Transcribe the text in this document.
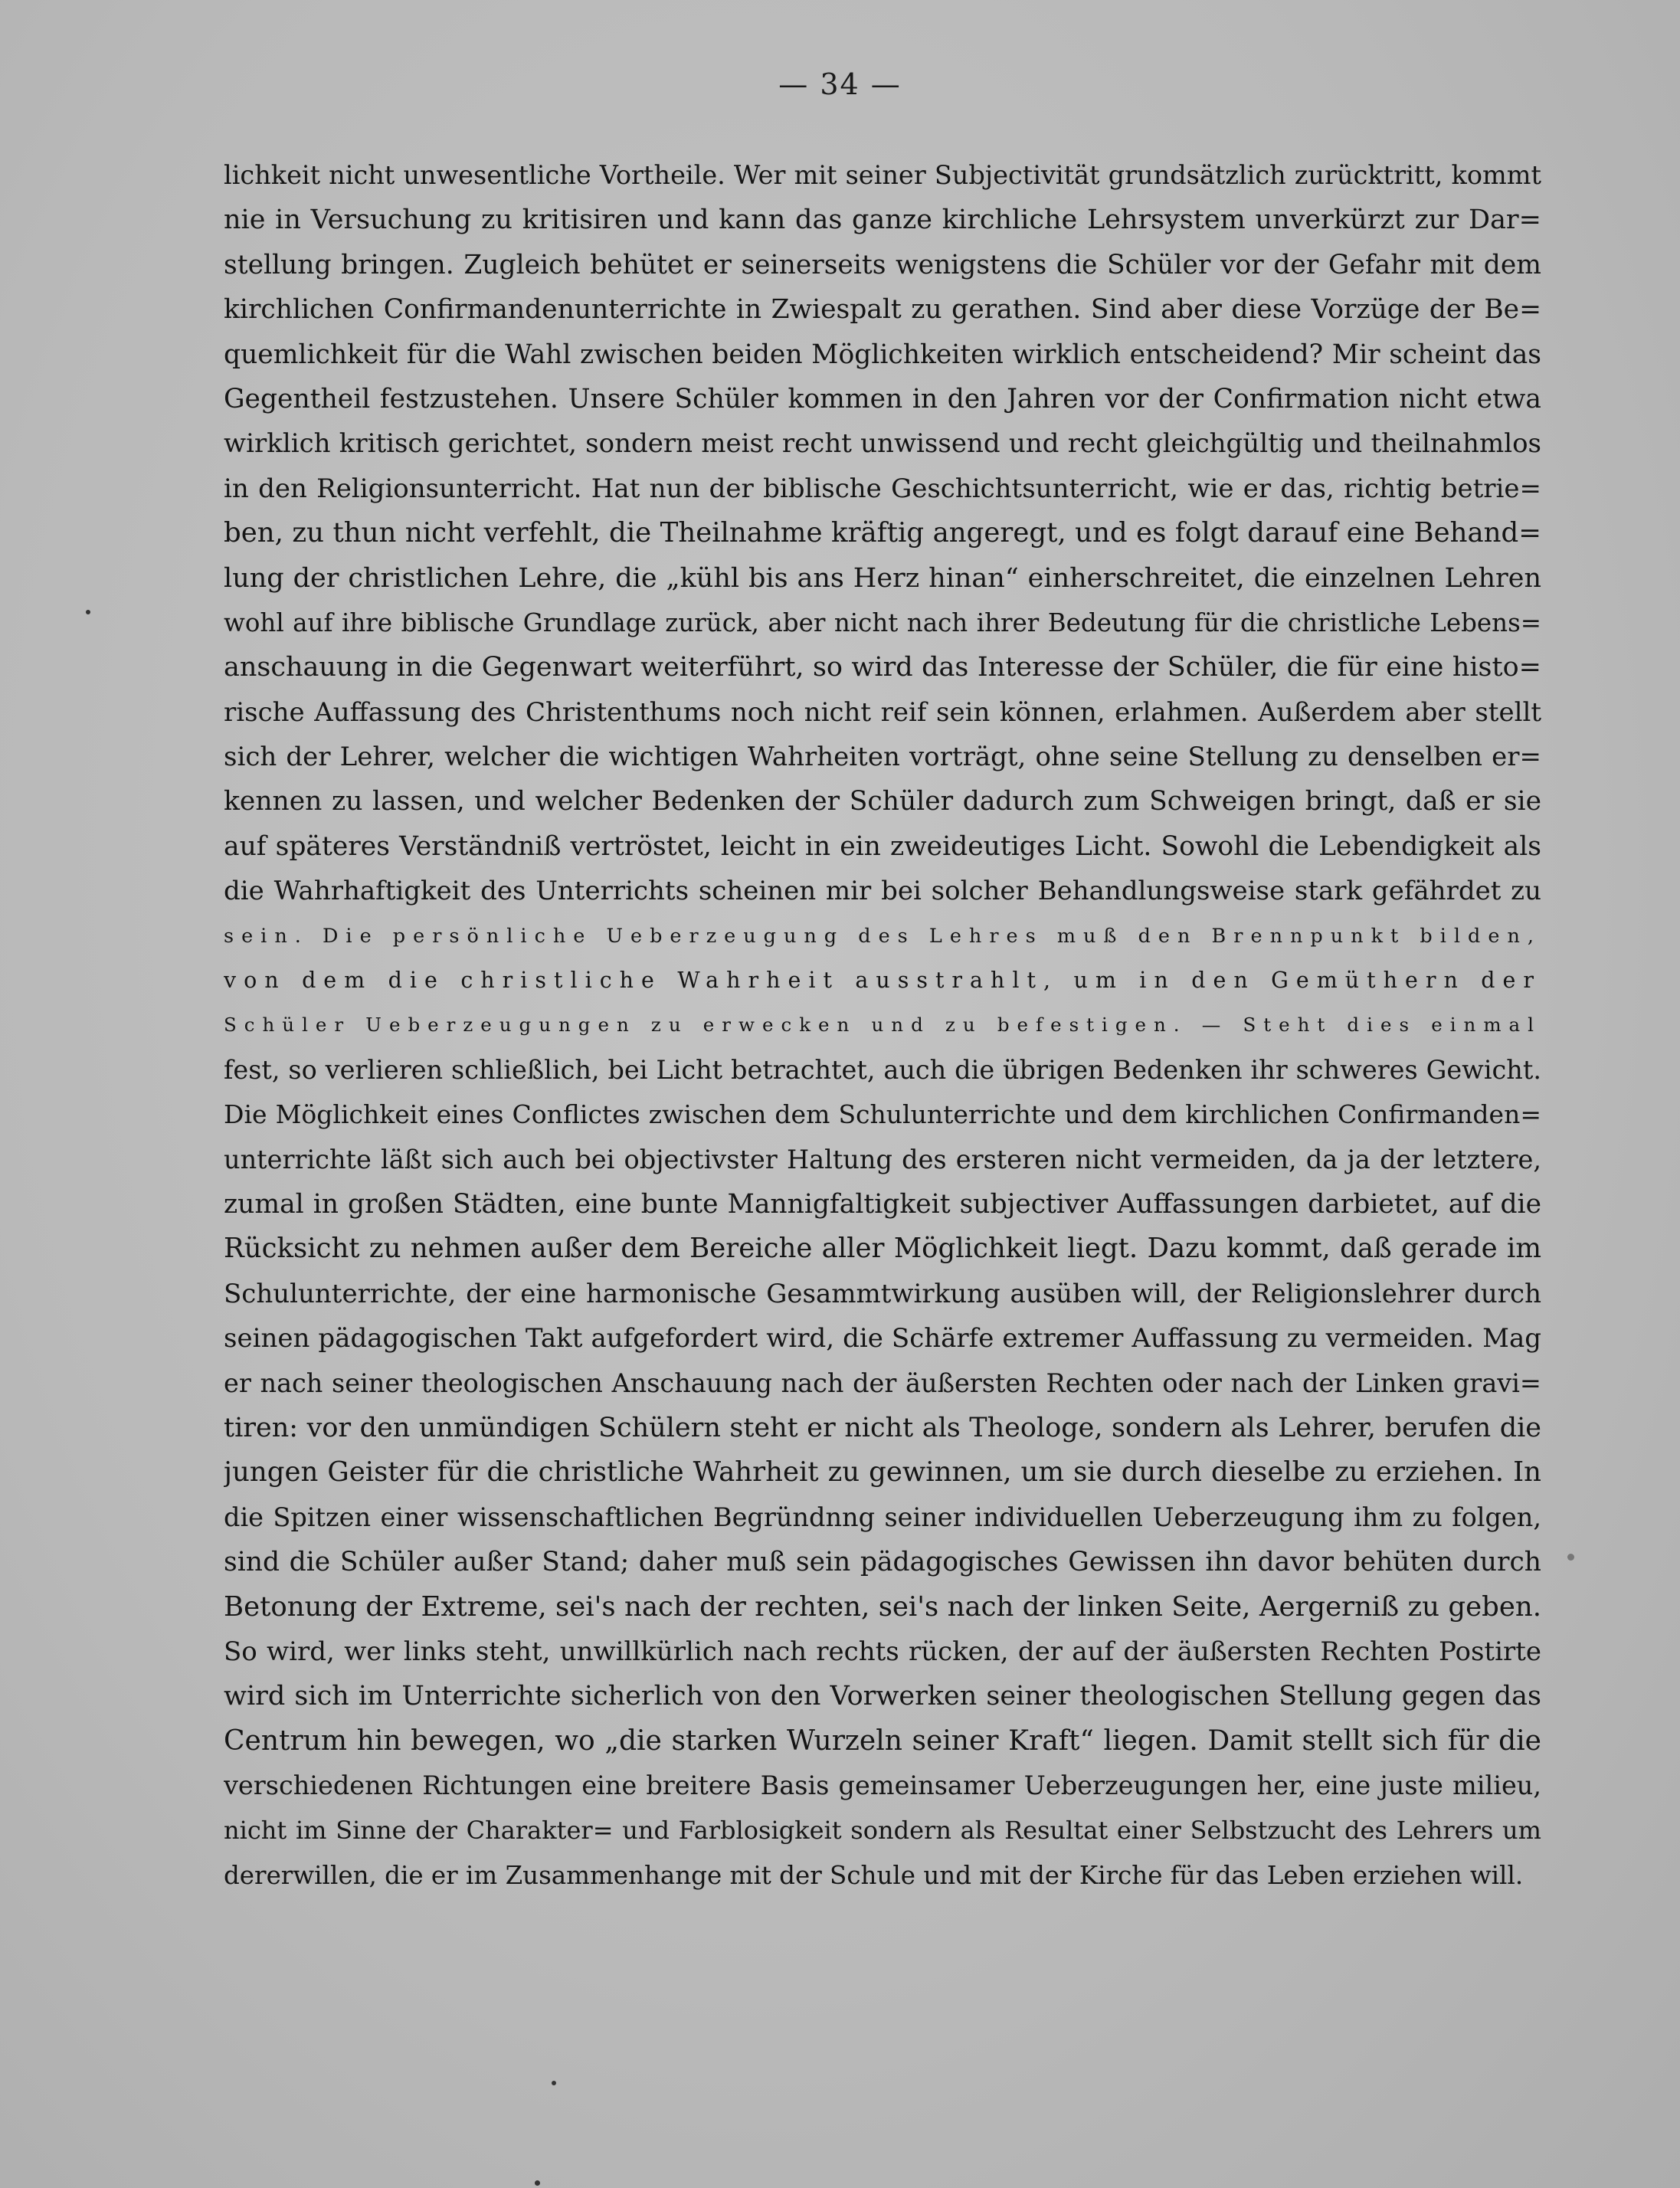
— 34 —
lichkeit nicht unwesentliche Vortheile. Wer mit seiner Subjectivität grundsätzlich zurücktritt, kommt
nie in Versuchung zu kritisiren und kann das ganze kirchliche Lehrsystem unverkürzt zur Dar=
stellung bringen. Zugleich behütet er seinerseits wenigstens die Schüler vor der Gefahr mit dem
kirchlichen Confirmandenunterrichte in Zwiespalt zu gerathen. Sind aber diese Vorzüge der Be=
quemlichkeit für die Wahl zwischen beiden Möglichkeiten wirklich entscheidend? Mir scheint das
Gegentheil festzustehen. Unsere Schüler kommen in den Jahren vor der Confirmation nicht etwa
wirklich kritisch gerichtet, sondern meist recht unwissend und recht gleichgültig und theilnahmlos
in den Religionsunterricht. Hat nun der biblische Geschichtsunterricht, wie er das, richtig betrie=
ben, zu thun nicht verfehlt, die Theilnahme kräftig angeregt, und es folgt darauf eine Behand=
lung der christlichen Lehre, die „kühl bis ans Herz hinan“ einherschreitet, die einzelnen Lehren
wohl auf ihre biblische Grundlage zurück, aber nicht nach ihrer Bedeutung für die christliche Lebens=
anschauung in die Gegenwart weiterführt, so wird das Interesse der Schüler, die für eine histo=
rische Auffassung des Christenthums noch nicht reif sein können, erlahmen. Außerdem aber stellt
sich der Lehrer, welcher die wichtigen Wahrheiten vorträgt, ohne seine Stellung zu denselben er=
kennen zu lassen, und welcher Bedenken der Schüler dadurch zum Schweigen bringt, daß er sie
auf späteres Verständniß vertröstet, leicht in ein zweideutiges Licht. Sowohl die Lebendigkeit als
die Wahrhaftigkeit des Unterrichts scheinen mir bei solcher Behandlungsweise stark gefährdet zu
sein. Die persönliche Ueberzeugung des Lehres muß den Brennpunkt bilden,
von dem die christliche Wahrheit ausstrahlt, um in den Gemüthern der
Schüler Ueberzeugungen zu erwecken und zu befestigen. — Steht dies einmal
fest, so verlieren schließlich, bei Licht betrachtet, auch die übrigen Bedenken ihr schweres Gewicht.
Die Möglichkeit eines Conflictes zwischen dem Schulunterrichte und dem kirchlichen Confirmanden=
unterrichte läßt sich auch bei objectivster Haltung des ersteren nicht vermeiden, da ja der letztere,
zumal in großen Städten, eine bunte Mannigfaltigkeit subjectiver Auffassungen darbietet, auf die
Rücksicht zu nehmen außer dem Bereiche aller Möglichkeit liegt. Dazu kommt, daß gerade im
Schulunterrichte, der eine harmonische Gesammtwirkung ausüben will, der Religionslehrer durch
seinen pädagogischen Takt aufgefordert wird, die Schärfe extremer Auffassung zu vermeiden. Mag
er nach seiner theologischen Anschauung nach der äußersten Rechten oder nach der Linken gravi=
tiren: vor den unmündigen Schülern steht er nicht als Theologe, sondern als Lehrer, berufen die
jungen Geister für die christliche Wahrheit zu gewinnen, um sie durch dieselbe zu erziehen. In
die Spitzen einer wissenschaftlichen Begründnng seiner individuellen Ueberzeugung ihm zu folgen,
sind die Schüler außer Stand; daher muß sein pädagogisches Gewissen ihn davor behüten durch
Betonung der Extreme, sei's nach der rechten, sei's nach der linken Seite, Aergerniß zu geben.
So wird, wer links steht, unwillkürlich nach rechts rücken, der auf der äußersten Rechten Postirte
wird sich im Unterrichte sicherlich von den Vorwerken seiner theologischen Stellung gegen das
Centrum hin bewegen, wo „die starken Wurzeln seiner Kraft“ liegen. Damit stellt sich für die
verschiedenen Richtungen eine breitere Basis gemeinsamer Ueberzeugungen her, eine juste milieu,
nicht im Sinne der Charakter= und Farblosigkeit sondern als Resultat einer Selbstzucht des Lehrers um
dererwillen, die er im Zusammenhange mit der Schule und mit der Kirche für das Leben erziehen will.
